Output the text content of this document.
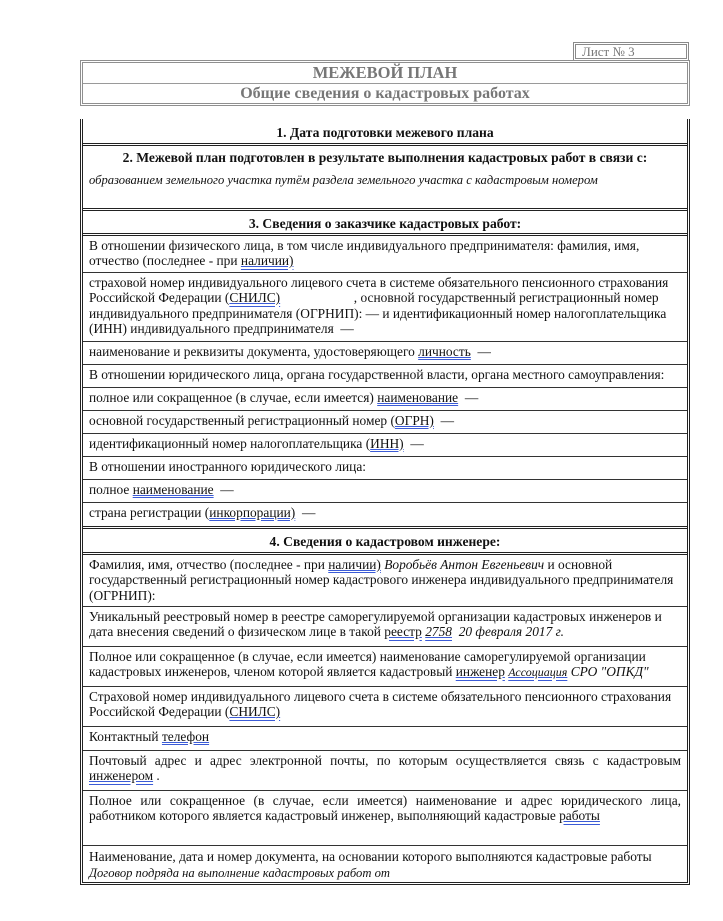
Лист № 3
МЕЖЕВОЙ ПЛАН
Общие сведения о кадастровых работах
1. Дата подготовки межевого плана
2. Межевой план подготовлен в результате выполнения кадастровых работ в связи с:
образованием земельного участка путём раздела земельного участка с кадастровым номером
3. Сведения о заказчике кадастровых работ:
В отношении физического лица, в том числе индивидуального предпринимателя: фамилия, имя, отчество (последнее - при наличии)
страховой номер индивидуального лицевого счета в системе обязательного пенсионного страхования Российской Федерации (СНИЛС)                      , основной государственный регистрационный номер индивидуального предпринимателя (ОГРНИП): — и идентификационный номер налогоплательщика (ИНН) индивидуального предпринимателя  —
наименование и реквизиты документа, удостоверяющего личность  —
В отношении юридического лица, органа государственной власти, органа местного самоуправления:
полное или сокращенное (в случае, если имеется) наименование  —
основной государственный регистрационный номер (ОГРН)  —
идентификационный номер налогоплательщика (ИНН)  —
В отношении иностранного юридического лица:
полное наименование  —
страна регистрации (инкорпорации)  —
4. Сведения о кадастровом инженере:
Фамилия, имя, отчество (последнее - при наличии) Воробьёв Антон Евгеньевич и основной государственный регистрационный номер кадастрового инженера индивидуального предпринимателя (ОГРНИП):
Уникальный реестровый номер в реестре саморегулируемой организации кадастровых инженеров и дата внесения сведений о физическом лице в такой реестр 2758  20 февраля 2017 г.
Полное или сокращенное (в случае, если имеется) наименование саморегулируемой организации кадастровых инженеров, членом которой является кадастровый инженер Ассоциация СРО "ОПКД"
Страховой номер индивидуального лицевого счета в системе обязательного пенсионного страхования Российской Федерации (СНИЛС)
Контактный телефон
Почтовый адрес и адрес электронной почты, по которым осуществляется связь с кадастровым инженером .
Полное или сокращенное (в случае, если имеется) наименование и адрес юридического лица, работником которого является кадастровый инженер, выполняющий кадастровые работы
Наименование, дата и номер документа, на основании которого выполняются кадастровые работы
Договор подряда на выполнение кадастровых работ от
